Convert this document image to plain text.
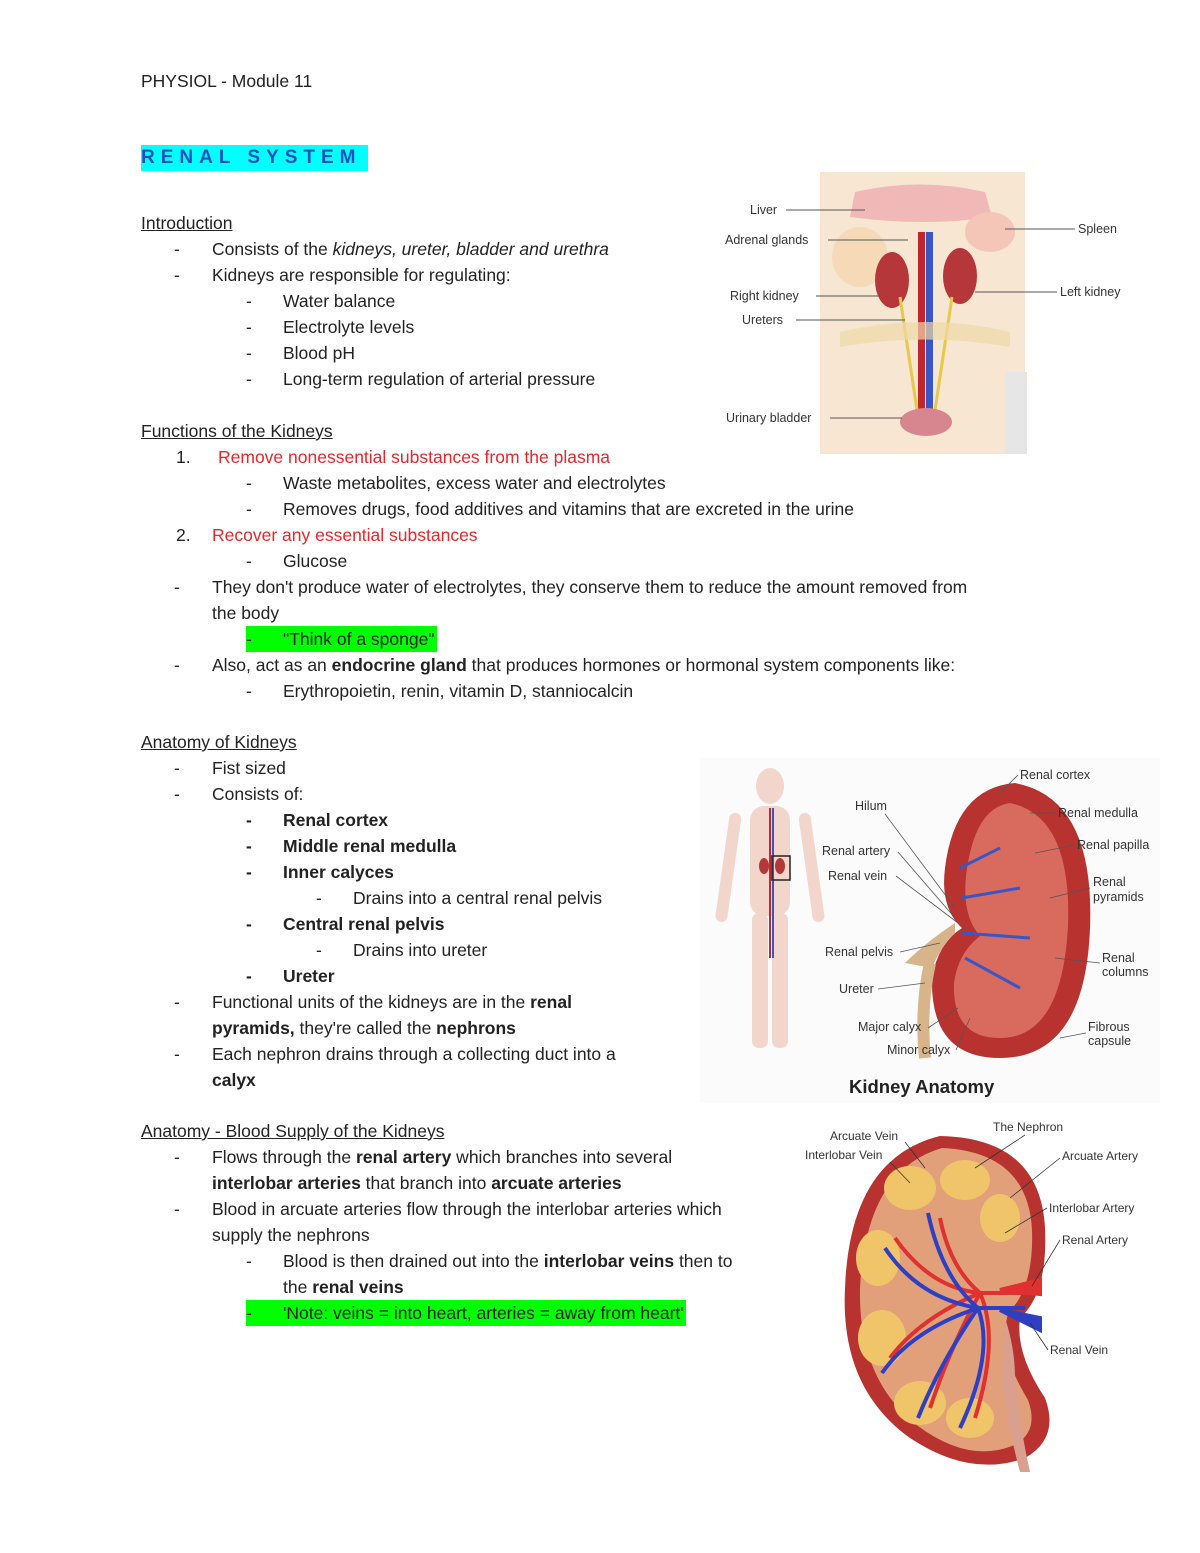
PHYSIOL - Module 11
RENAL SYSTEM
Introduction
-	Consists of the kidneys, ureter, bladder and urethra
-	Kidneys are responsible for regulating:
-	Water balance
-	Electrolyte levels
-	Blood pH
-	Long-term regulation of arterial pressure
Functions of the Kidneys
1. Remove nonessential substances from the plasma
-	Waste metabolites, excess water and electrolytes
-	Removes drugs, food additives and vitamins that are excreted in the urine
2. Recover any essential substances
-	Glucose
-	They don't produce water of electrolytes, they conserve them to reduce the amount removed from
the body
- "Think of a sponge"
-	Also, act as an endocrine gland that produces hormones or hormonal system components like:
-	Erythropoietin, renin, vitamin D, stanniocalcin
Anatomy of Kidneys
-	Fist sized
-	Consists of:
-	Renal cortex
-	Middle renal medulla
-	Inner calyces
-	Drains into a central renal pelvis
-	Central renal pelvis
-	Drains into ureter
-	Ureter
-	Functional units of the kidneys are in the renal
pyramids, they're called the nephrons
-	Each nephron drains through a collecting duct into a
calyx
Anatomy - Blood Supply of the Kidneys
-	Flows through the renal artery which branches into several
interlobar arteries that branch into arcuate arteries
-	Blood in arcuate arteries flow through the interlobar arteries which
supply the nephrons
-	Blood is then drained out into the interlobar veins then to
the renal veins
- 'Note: veins = into heart, arteries = away from heart'
Liver
Adrenal glands
Right kidney
Ureters
Urinary bladder
Spleen
Left kidney
Hilum
Renal artery
Renal vein
Renal pelvis
Ureter
Major calyx
Minor calyx
Renal cortex
Renal medulla
Renal papilla
Renal
pyramids
Renal
columns
Fibrous
capsule
Kidney Anatomy
Arcuate Vein
Interlobar Vein
The Nephron
Arcuate Artery
Interlobar Artery
Renal Artery
Renal Vein
